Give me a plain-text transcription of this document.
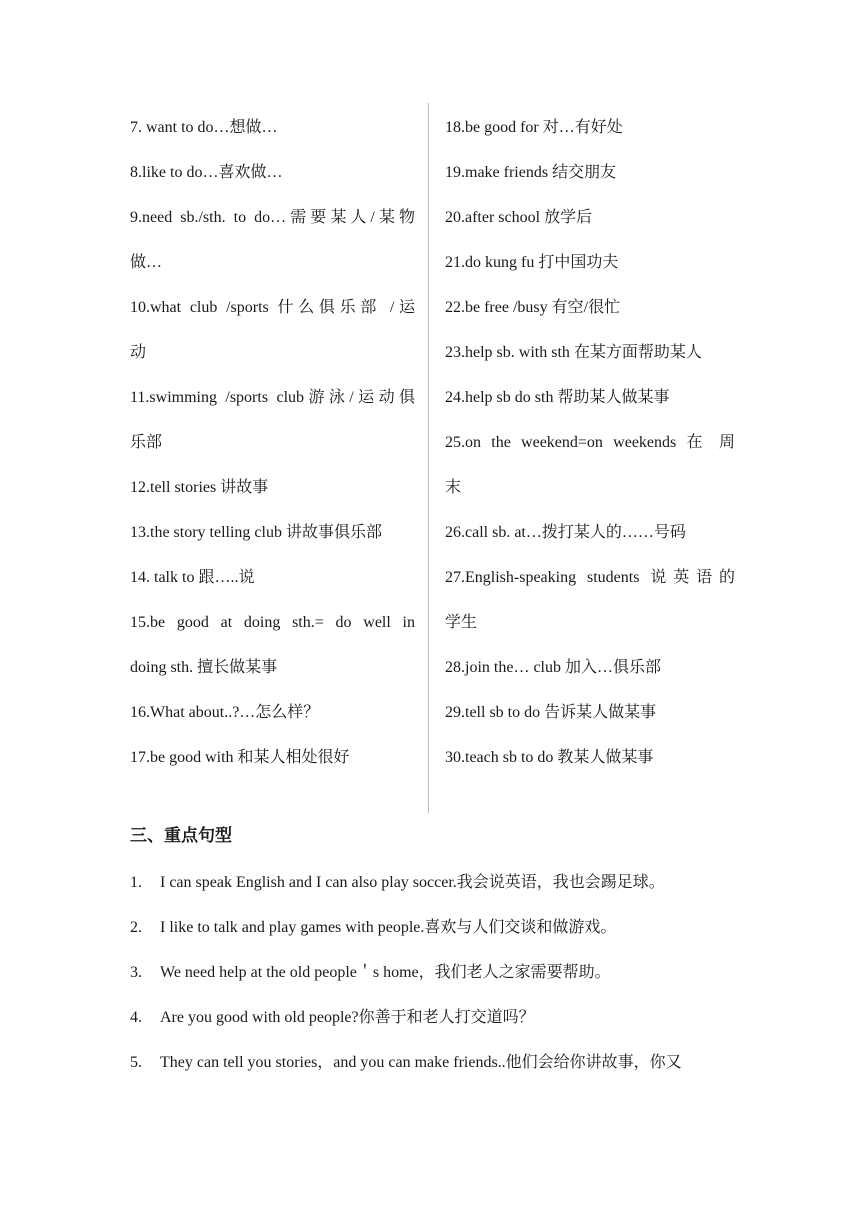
7. want to do…想做…
8.like to do…喜欢做…
9.need sb./sth. to do…需要某人/某物
做…
10.what club /sports 什么俱乐部 /运
动
11.swimming /sports club游泳/运动俱
乐部
12.tell stories 讲故事
13.the story telling club 讲故事俱乐部
14. talk to 跟…..说
15.be good at doing sth.= do well in
doing sth. 擅长做某事
16.What about..?…怎么样？
17.be good with 和某人相处很好
18.be good for 对…有好处
19.make friends 结交朋友
20.after school 放学后
21.do kung fu 打中国功夫
22.be free /busy 有空/很忙
23.help sb. with sth 在某方面帮助某人
24.help sb do sth 帮助某人做某事
25.on the weekend=on weekends 在 周
末
26.call sb. at…拨打某人的……号码
27.English-speaking students 说英语的
学生
28.join the… club 加入…俱乐部
29.tell sb to do 告诉某人做某事
30.teach sb to do 教某人做某事
三、重点句型
1. I can speak English and I can also play soccer.我会说英语，我也会踢足球。
2. I like to talk and play games with people.喜欢与人们交谈和做游戏。
3. We need help at the old people＇s home，我们老人之家需要帮助。
4. Are you good with old people?你善于和老人打交道吗？
5. They can tell you stories，and you can make friends..他们会给你讲故事，你又
